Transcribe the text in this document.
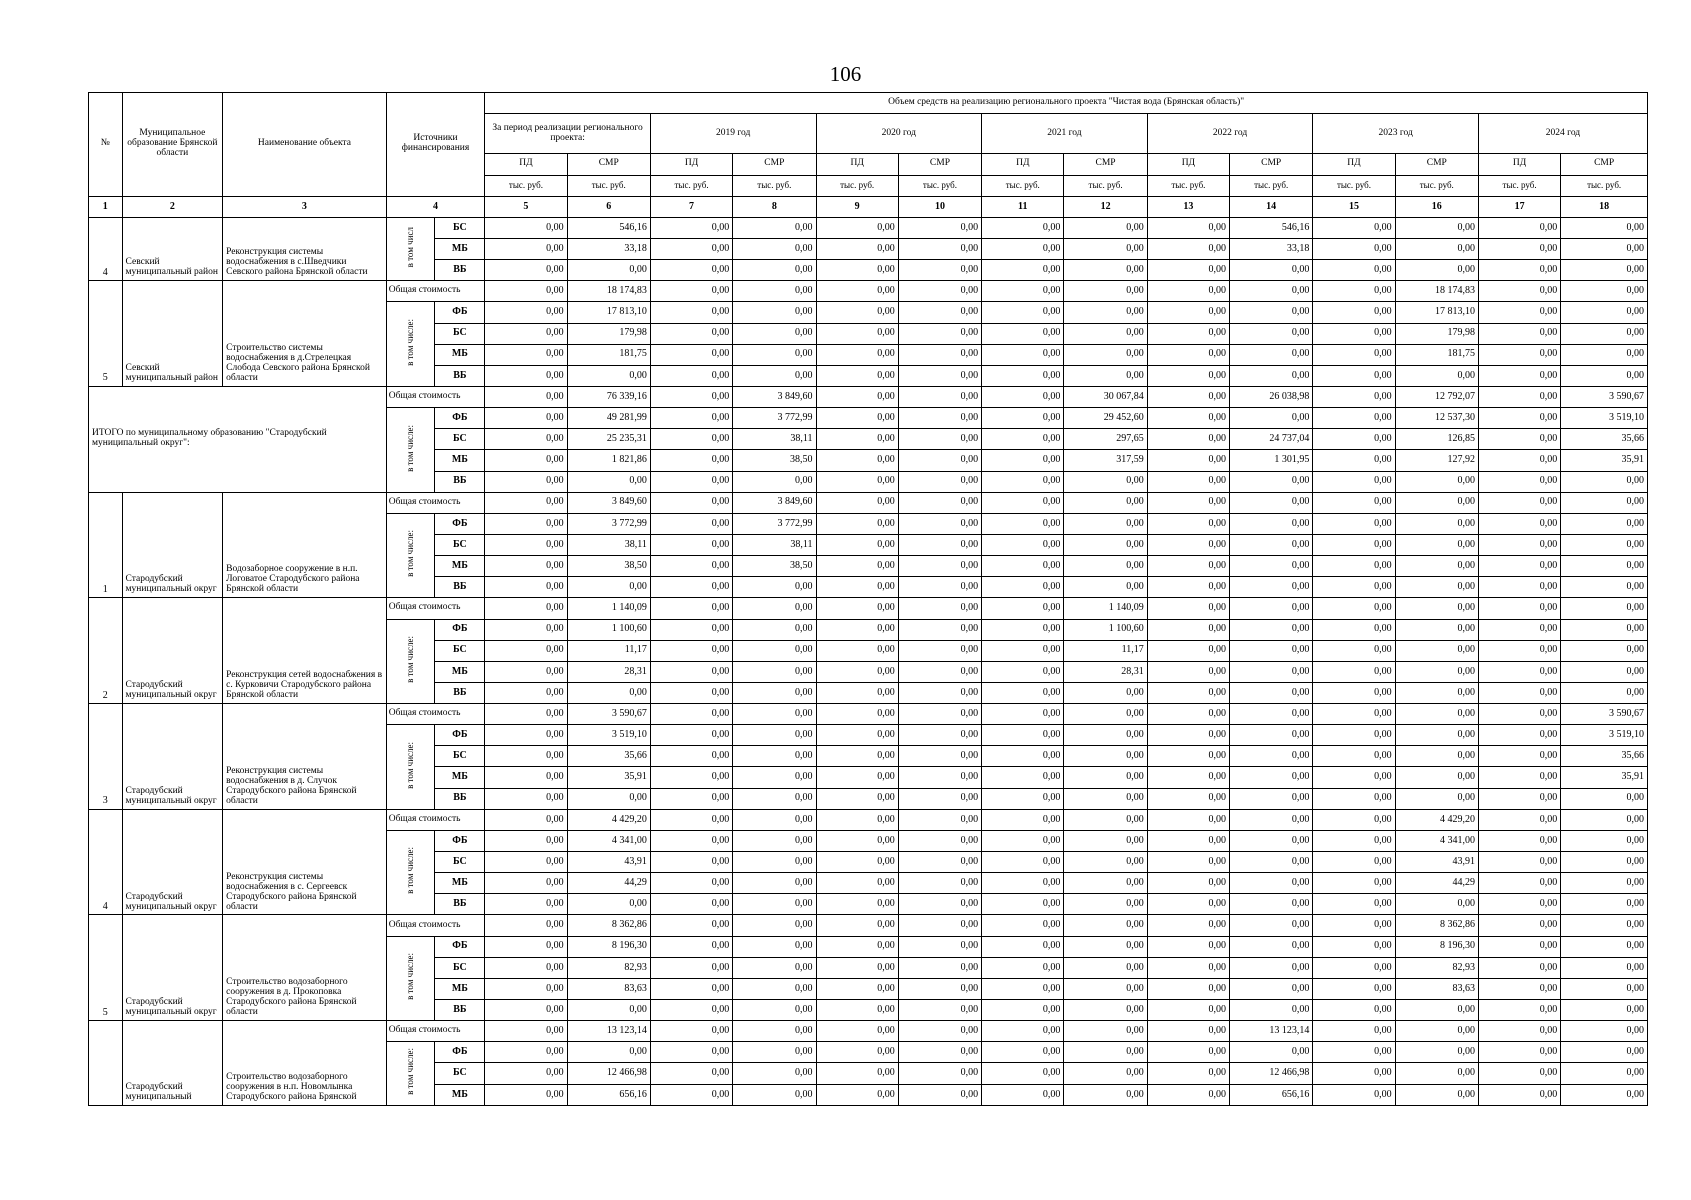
106
№	Муниципальное образование Брянской области	Наименование объекта	Источники финансирования		Объем средств на реализацию регионального проекта "Чистая вода (Брянская область)"													
					За период реализации регионального проекта:		2019 год		2020 год		2021 год		2022 год		2023 год		2024 год	
					ПД	СМР	ПД	СМР	ПД	СМР	ПД	СМР	ПД	СМР	ПД	СМР	ПД	СМР
					тыс. руб.	тыс. руб.	тыс. руб.	тыс. руб.	тыс. руб.	тыс. руб.	тыс. руб.	тыс. руб.	тыс. руб.	тыс. руб.	тыс. руб.	тыс. руб.	тыс. руб.	тыс. руб.
1	2	3	4		5	6	7	8	9	10	11	12	13	14	15	16	17	18
4	Севский муниципальный район	Реконструкция системы водоснабжения в с.Шведчики Севского района Брянской области	в том числ	БС	0,00	546,16	0,00	0,00	0,00	0,00	0,00	0,00	0,00	546,16	0,00	0,00	0,00	0,00
				МБ	0,00	33,18	0,00	0,00	0,00	0,00	0,00	0,00	0,00	33,18	0,00	0,00	0,00	0,00
				ВБ	0,00	0,00	0,00	0,00	0,00	0,00	0,00	0,00	0,00	0,00	0,00	0,00	0,00	0,00
5	Севский муниципальный район	Строительство системы водоснабжения в д.Стрелецкая Слобода Севского района Брянской области	Общая стоимость		0,00	18 174,83	0,00	0,00	0,00	0,00	0,00	0,00	0,00	0,00	0,00	18 174,83	0,00	0,00
			в том числе:	ФБ	0,00	17 813,10	0,00	0,00	0,00	0,00	0,00	0,00	0,00	0,00	0,00	17 813,10	0,00	0,00
				БС	0,00	179,98	0,00	0,00	0,00	0,00	0,00	0,00	0,00	0,00	0,00	179,98	0,00	0,00
				МБ	0,00	181,75	0,00	0,00	0,00	0,00	0,00	0,00	0,00	0,00	0,00	181,75	0,00	0,00
				ВБ	0,00	0,00	0,00	0,00	0,00	0,00	0,00	0,00	0,00	0,00	0,00	0,00	0,00	0,00
ИТОГО по муниципальному образованию "Стародубский муниципальный округ":			Общая стоимость		0,00	76 339,16	0,00	3 849,60	0,00	0,00	0,00	30 067,84	0,00	26 038,98	0,00	12 792,07	0,00	3 590,67
			в том числе:	ФБ	0,00	49 281,99	0,00	3 772,99	0,00	0,00	0,00	29 452,60	0,00	0,00	0,00	12 537,30	0,00	3 519,10
				БС	0,00	25 235,31	0,00	38,11	0,00	0,00	0,00	297,65	0,00	24 737,04	0,00	126,85	0,00	35,66
				МБ	0,00	1 821,86	0,00	38,50	0,00	0,00	0,00	317,59	0,00	1 301,95	0,00	127,92	0,00	35,91
				ВБ	0,00	0,00	0,00	0,00	0,00	0,00	0,00	0,00	0,00	0,00	0,00	0,00	0,00	0,00
1	Стародубский муниципальный округ	Водозаборное сооружение в н.п. Логоватое Стародубского района Брянской области	Общая стоимость		0,00	3 849,60	0,00	3 849,60	0,00	0,00	0,00	0,00	0,00	0,00	0,00	0,00	0,00	0,00
			в том числе:	ФБ	0,00	3 772,99	0,00	3 772,99	0,00	0,00	0,00	0,00	0,00	0,00	0,00	0,00	0,00	0,00
				БС	0,00	38,11	0,00	38,11	0,00	0,00	0,00	0,00	0,00	0,00	0,00	0,00	0,00	0,00
				МБ	0,00	38,50	0,00	38,50	0,00	0,00	0,00	0,00	0,00	0,00	0,00	0,00	0,00	0,00
				ВБ	0,00	0,00	0,00	0,00	0,00	0,00	0,00	0,00	0,00	0,00	0,00	0,00	0,00	0,00
2	Стародубский муниципальный округ	Реконструкция сетей водоснабжения в с. Курковичи Стародубского района Брянской области	Общая стоимость		0,00	1 140,09	0,00	0,00	0,00	0,00	0,00	1 140,09	0,00	0,00	0,00	0,00	0,00	0,00
			в том числе:	ФБ	0,00	1 100,60	0,00	0,00	0,00	0,00	0,00	1 100,60	0,00	0,00	0,00	0,00	0,00	0,00
				БС	0,00	11,17	0,00	0,00	0,00	0,00	0,00	11,17	0,00	0,00	0,00	0,00	0,00	0,00
				МБ	0,00	28,31	0,00	0,00	0,00	0,00	0,00	28,31	0,00	0,00	0,00	0,00	0,00	0,00
				ВБ	0,00	0,00	0,00	0,00	0,00	0,00	0,00	0,00	0,00	0,00	0,00	0,00	0,00	0,00
3	Стародубский муниципальный округ	Реконструкция системы водоснабжения в д. Случок Стародубского района Брянской области	Общая стоимость		0,00	3 590,67	0,00	0,00	0,00	0,00	0,00	0,00	0,00	0,00	0,00	0,00	0,00	3 590,67
			в том числе:	ФБ	0,00	3 519,10	0,00	0,00	0,00	0,00	0,00	0,00	0,00	0,00	0,00	0,00	0,00	3 519,10
				БС	0,00	35,66	0,00	0,00	0,00	0,00	0,00	0,00	0,00	0,00	0,00	0,00	0,00	35,66
				МБ	0,00	35,91	0,00	0,00	0,00	0,00	0,00	0,00	0,00	0,00	0,00	0,00	0,00	35,91
				ВБ	0,00	0,00	0,00	0,00	0,00	0,00	0,00	0,00	0,00	0,00	0,00	0,00	0,00	0,00
4	Стародубский муниципальный округ	Реконструкция системы водоснабжения в с. Сергеевск Стародубского района Брянской области	Общая стоимость		0,00	4 429,20	0,00	0,00	0,00	0,00	0,00	0,00	0,00	0,00	0,00	4 429,20	0,00	0,00
			в том числе:	ФБ	0,00	4 341,00	0,00	0,00	0,00	0,00	0,00	0,00	0,00	0,00	0,00	4 341,00	0,00	0,00
				БС	0,00	43,91	0,00	0,00	0,00	0,00	0,00	0,00	0,00	0,00	0,00	43,91	0,00	0,00
				МБ	0,00	44,29	0,00	0,00	0,00	0,00	0,00	0,00	0,00	0,00	0,00	44,29	0,00	0,00
				ВБ	0,00	0,00	0,00	0,00	0,00	0,00	0,00	0,00	0,00	0,00	0,00	0,00	0,00	0,00
5	Стародубский муниципальный округ	Строительство водозаборного сооружения в д. Прокоповка Стародубского района Брянской области	Общая стоимость		0,00	8 362,86	0,00	0,00	0,00	0,00	0,00	0,00	0,00	0,00	0,00	8 362,86	0,00	0,00
			в том числе:	ФБ	0,00	8 196,30	0,00	0,00	0,00	0,00	0,00	0,00	0,00	0,00	0,00	8 196,30	0,00	0,00
				БС	0,00	82,93	0,00	0,00	0,00	0,00	0,00	0,00	0,00	0,00	0,00	82,93	0,00	0,00
				МБ	0,00	83,63	0,00	0,00	0,00	0,00	0,00	0,00	0,00	0,00	0,00	83,63	0,00	0,00
				ВБ	0,00	0,00	0,00	0,00	0,00	0,00	0,00	0,00	0,00	0,00	0,00	0,00	0,00	0,00
	Стародубский муниципальный	Строительство водозаборного сооружения в н.п. Новомлынка Стародубского района Брянской	Общая стоимость		0,00	13 123,14	0,00	0,00	0,00	0,00	0,00	0,00	0,00	13 123,14	0,00	0,00	0,00	0,00
			в том числе:	ФБ	0,00	0,00	0,00	0,00	0,00	0,00	0,00	0,00	0,00	0,00	0,00	0,00	0,00	0,00
				БС	0,00	12 466,98	0,00	0,00	0,00	0,00	0,00	0,00	0,00	12 466,98	0,00	0,00	0,00	0,00
				МБ	0,00	656,16	0,00	0,00	0,00	0,00	0,00	0,00	0,00	656,16	0,00	0,00	0,00	0,00
